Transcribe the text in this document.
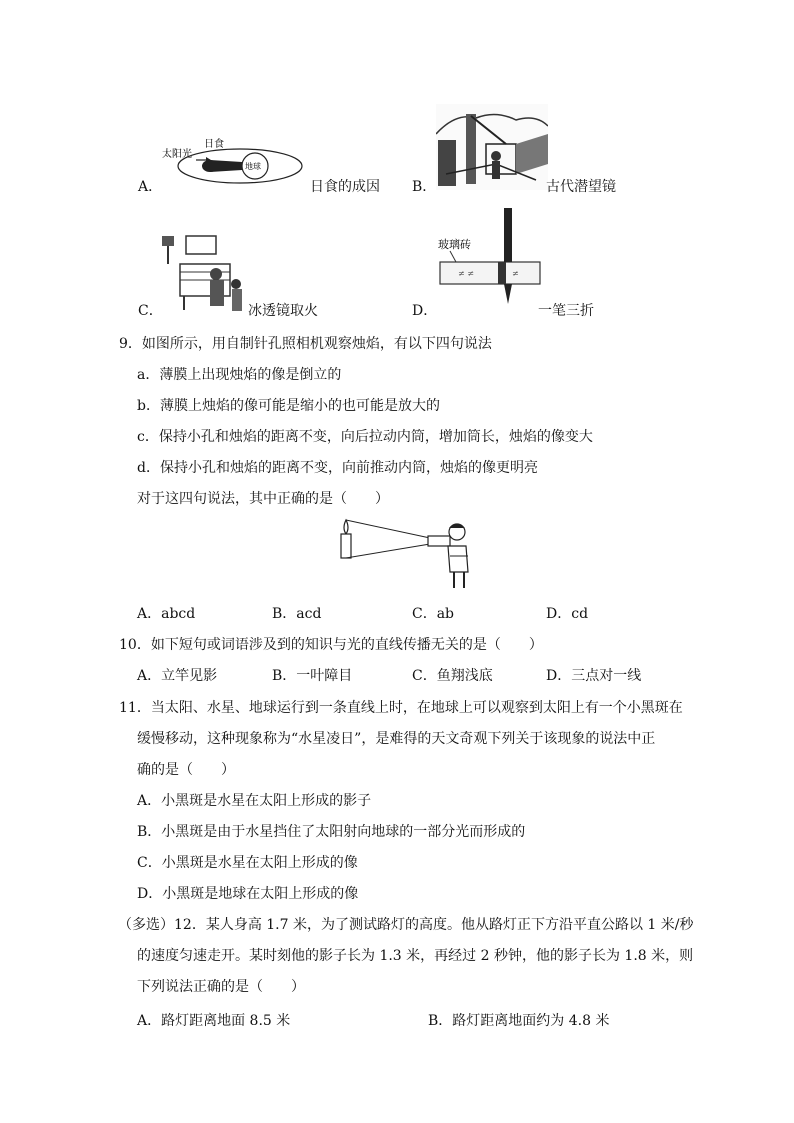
A．
太阳光
日食
地球
日食的成因 B．	古代潜望镜
C．	冰透镜取火	D．
玻璃砖
≠ ≠	≠
一笔三折
9．如图所示，用自制针孔照相机观察烛焰，有以下四句说法
a．薄膜上出现烛焰的像是倒立的
b．薄膜上烛焰的像可能是缩小的也可能是放大的
c．保持小孔和烛焰的距离不变，向后拉动内筒，增加筒长，烛焰的像变大
d．保持小孔和烛焰的距离不变，向前推动内筒，烛焰的像更明亮
对于这四句说法，其中正确的是（　　）
A．abcd	B．acd	C．ab	D．cd
10．如下短句或词语涉及到的知识与光的直线传播无关的是（　　）
A．立竿见影	B．一叶障目	C．鱼翔浅底	D．三点对一线
11．当太阳、水星、地球运行到一条直线上时，在地球上可以观察到太阳上有一个小黑斑在
缓慢移动，这种现象称为“水星凌日”，是难得的天文奇观下列关于该现象的说法中正
确的是（　　）
A．小黑斑是水星在太阳上形成的影子
B．小黑斑是由于水星挡住了太阳射向地球的一部分光而形成的
C．小黑斑是水星在太阳上形成的像
D．小黑斑是地球在太阳上形成的像
（多选）12．某人身高 1.7 米，为了测试路灯的高度。他从路灯正下方沿平直公路以 1 米/秒
的速度匀速走开。某时刻他的影子长为 1.3 米，再经过 2 秒钟，他的影子长为 1.8 米，则
下列说法正确的是（　　）
A．路灯距离地面 8.5 米	B．路灯距离地面约为 4.8 米
